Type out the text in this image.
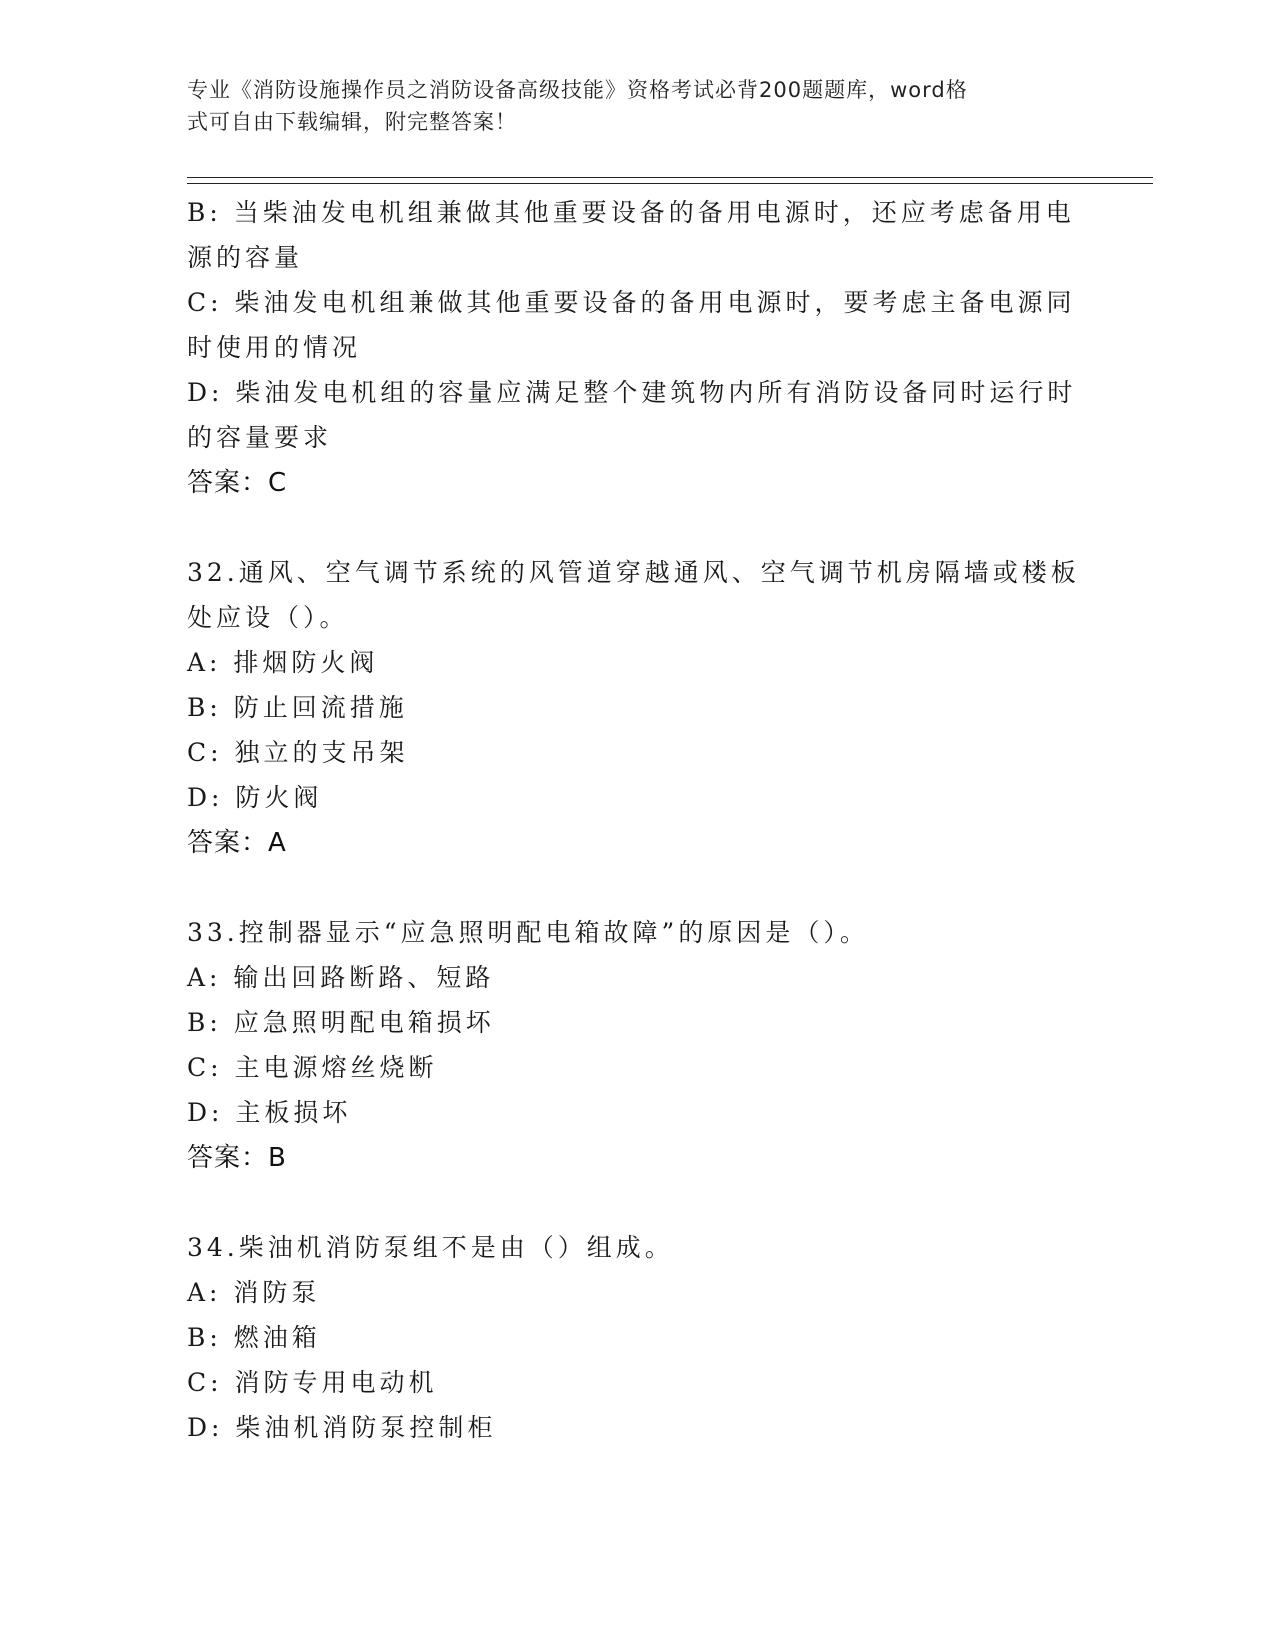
专业《消防设施操作员之消防设备高级技能》资格考试必背200题题库，word格
式可自由下载编辑，附完整答案！
B: 当柴油发电机组兼做其他重要设备的备用电源时，还应考虑备用电
源的容量
C: 柴油发电机组兼做其他重要设备的备用电源时，要考虑主备电源同
时使用的情况
D: 柴油发电机组的容量应满足整个建筑物内所有消防设备同时运行时
的容量要求
答案：C
32.通风、空气调节系统的风管道穿越通风、空气调节机房隔墙或楼板
处应设（）。
A: 排烟防火阀
B: 防止回流措施
C: 独立的支吊架
D: 防火阀
答案：A
33.控制器显示“应急照明配电箱故障”的原因是（）。
A: 输出回路断路、短路
B: 应急照明配电箱损坏
C: 主电源熔丝烧断
D: 主板损坏
答案：B
34.柴油机消防泵组不是由（）组成。
A: 消防泵
B: 燃油箱
C: 消防专用电动机
D: 柴油机消防泵控制柜
